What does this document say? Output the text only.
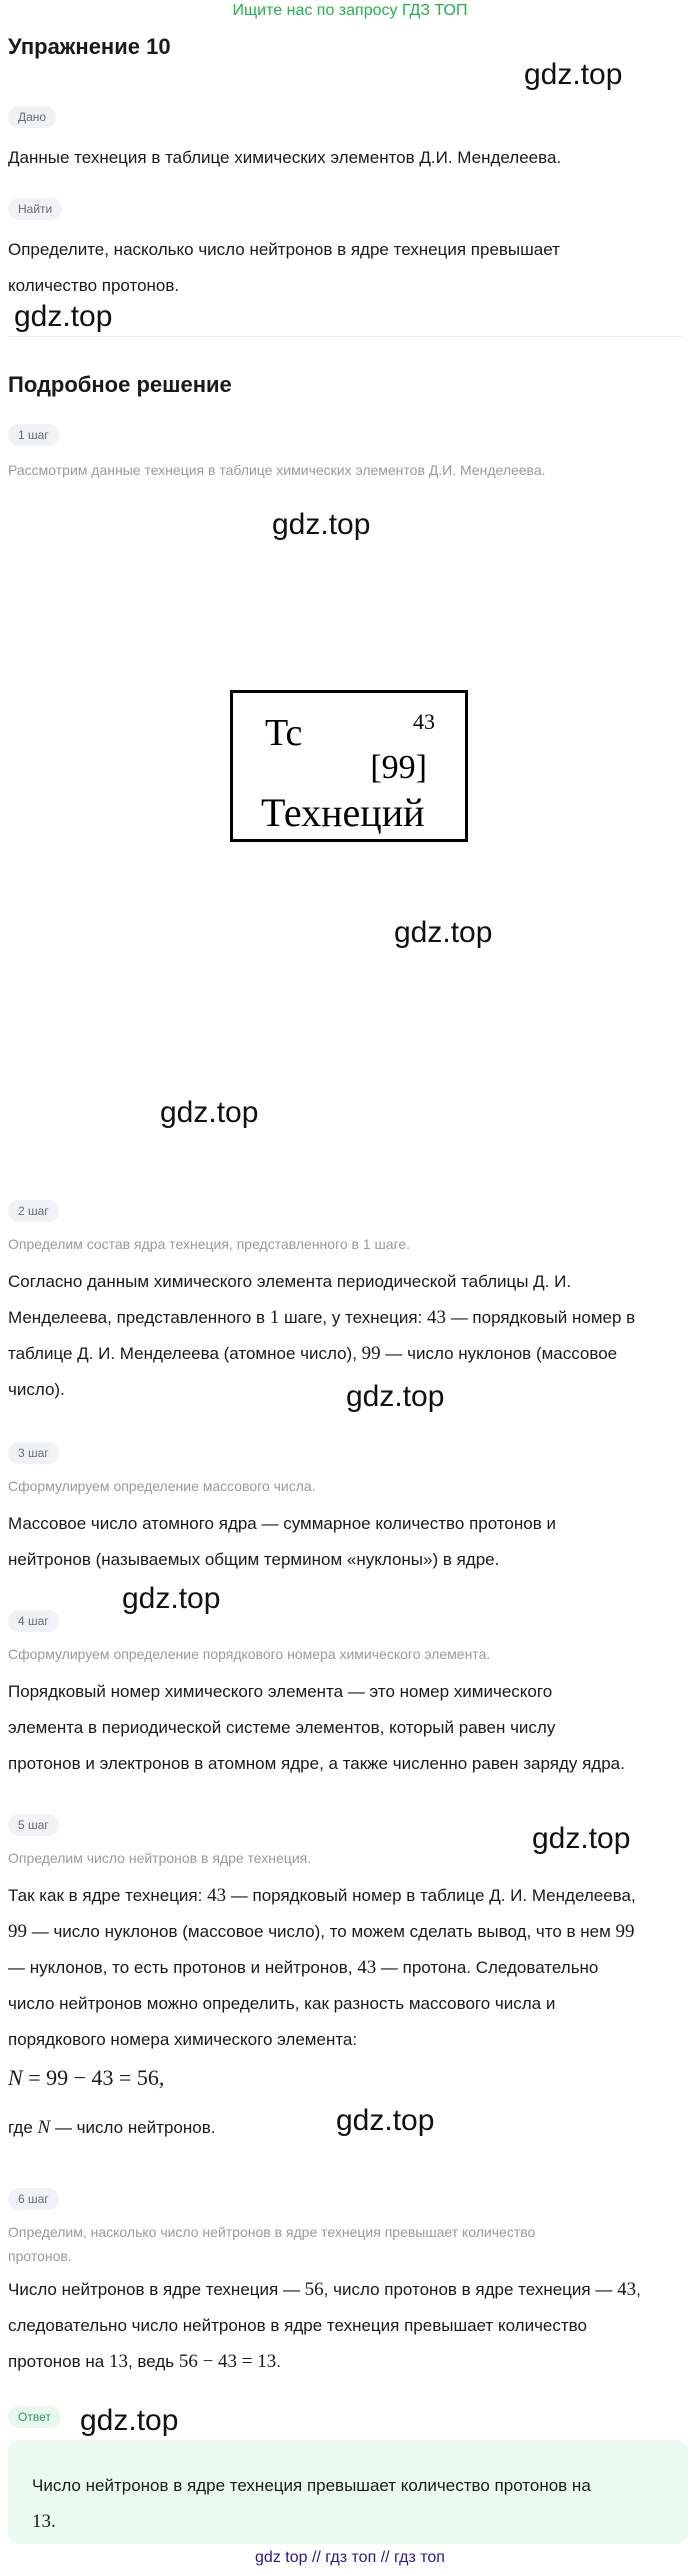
Ищите нас по запросу ГДЗ ТОП
Упражнение 10
gdz.top
Дано
Данные технеция в таблице химических элементов Д.И. Менделеева.
Найти
Определите, насколько число нейтронов в ядре технеция превышает
количество протонов.
gdz.top
Подробное решение
1 шаг
Рассмотрим данные технеция в таблице химических элементов Д.И. Менделеева.
gdz.top
Tc	43
[99]
Технеций
gdz.top
gdz.top
2 шаг
Определим состав ядра технеция, представленного в 1 шаге.
Согласно данным химического элемента периодической таблицы Д. И.
Менделеева, представленного в 1 шаге, у технеция: 43 — порядковый номер в
таблице Д. И. Менделеева (атомное число), 99 — число нуклонов (массовое
число).	gdz.top
3 шаг
Сформулируем определение массового числа.
Массовое число атомного ядра — суммарное количество протонов и
нейтронов (называемых общим термином «нуклоны») в ядре.
gdz.top
4 шаг
Сформулируем определение порядкового номера химического элемента.
Порядковый номер химического элемента — это номер химического
элемента в периодической системе элементов, который равен числу
протонов и электронов в атомном ядре, а также численно равен заряду ядра.
5 шаг	gdz.top
Определим число нейтронов в ядре технеция.
Так как в ядре технеция: 43 — порядковый номер в таблице Д. И. Менделеева,
99 — число нуклонов (массовое число), то можем сделать вывод, что в нем 99
— нуклонов, то есть протонов и нейтронов, 43 — протона. Следовательно
число нейтронов можно определить, как разность массового числа и
порядкового номера химического элемента:
N = 99 − 43 = 56,
где N — число нейтронов.	gdz.top
6 шаг
Определим, насколько число нейтронов в ядре технеция превышает количество
протонов.
Число нейтронов в ядре технеция — 56, число протонов в ядре технеция — 43,
следовательно число нейтронов в ядре технеция превышает количество
протонов на 13, ведь 56 − 43 = 13.
Ответ gdz.top
Число нейтронов в ядре технеция превышает количество протонов на
13.
gdz top // гдз топ // гдз топ
